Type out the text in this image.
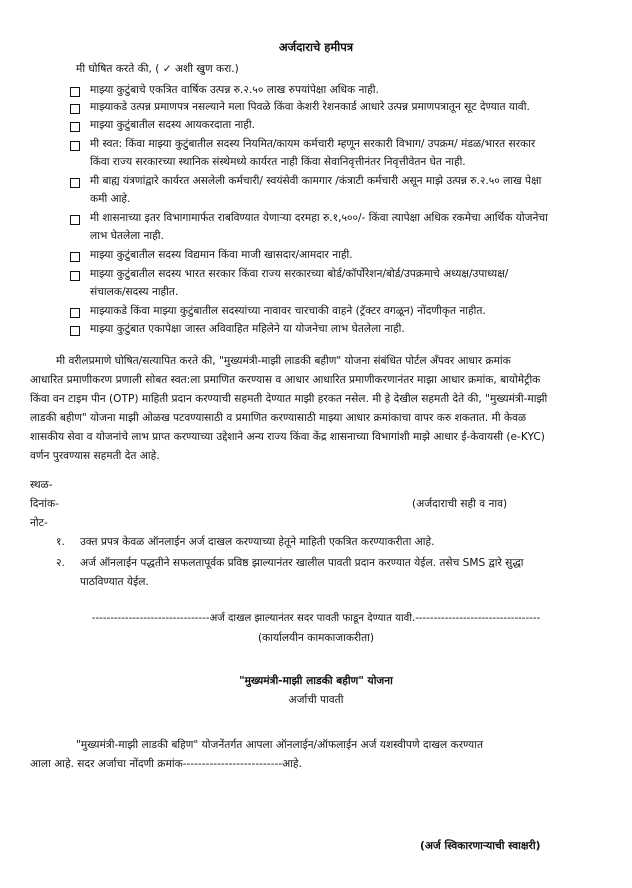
अर्जदाराचे हमीपत्र
मी घोषित करते की, ( ✓ अशी खुण करा.)
माझ्या कुटुंबाचे एकत्रित वार्षिक उत्पन्न रु.२.५० लाख रुपयांपेक्षा अधिक नाही.
माझ्याकडे उत्पन्न प्रमाणपत्र नसल्याने मला पिवळे किंवा केशरी रेशनकार्ड आधारे उत्पन्न प्रमाणपत्रातून सूट देण्यात यावी.
माझ्या कुटुंबातील सदस्य आयकरदाता नाही.
मी स्वत: किंवा माझ्या कुटुंबातील सदस्य नियमित/कायम कर्मचारी म्हणून सरकारी विभाग/ उपक्रम/ मंडळ/भारत सरकार
किंवा राज्य सरकारच्या स्थानिक संस्थेमध्ये कार्यरत नाही किंवा सेवानिवृत्तीनंतर निवृत्तीवेतन घेत नाही.
मी बाह्य यंत्रणांद्वारे कार्यरत असलेली कर्मचारी/ स्वयंसेवी कामगार /कंत्राटी कर्मचारी असून माझे उत्पन्न रु.२.५० लाख पेक्षा
कमी आहे.
मी शासनाच्या इतर विभागामार्फत राबविण्यात येणाऱ्या दरमहा रु.१,५००/- किंवा त्यापेक्षा अधिक रकमेचा आर्थिक योजनेचा
लाभ घेतलेला नाही.
माझ्या कुटुंबातील सदस्य विद्यमान किंवा माजी खासदार/आमदार नाही.
माझ्या कुटुंबातील सदस्य भारत सरकार किंवा राज्य सरकारच्या बोर्ड/कॉर्पोरेशन/बोर्ड/उपक्रमाचे अध्यक्ष/उपाध्यक्ष/
संचालक/सदस्य नाहीत.
माझ्याकडे किंवा माझ्या कुटुंबातील सदस्यांच्या नावावर चारचाकी वाहने (ट्रॅक्टर वगळून) नोंदणीकृत नाहीत.
माझ्या कुटुंबात एकापेक्षा जास्त अविवाहित महिलेने या योजनेचा लाभ घेतलेला नाही.
मी वरीलप्रमाणे घोषित/सत्यापित करते की, "मुख्यमंत्री-माझी लाडकी बहीण" योजना संबंधित पोर्टल अँपवर आधार क्रमांक
आधारित प्रमाणीकरण प्रणाली सोबत स्वत:ला प्रमाणित करण्यास व आधार आधारित प्रमाणीकरणानंतर माझा आधार क्रमांक, बायोमेट्रीक
किंवा वन टाइम पीन (OTP) माहिती प्रदान करण्याची सहमती देण्यात माझी हरकत नसेल. मी हे देखील सहमती देते की, "मुख्यमंत्री-माझी
लाडकी बहीण" योजना माझी ओळख पटवण्यासाठी व प्रमाणित करण्यासाठी माझ्या आधार क्रमांकाचा वापर करु शकतात. मी केवळ
शासकीय सेवा व योजनांचे लाभ प्राप्त करण्याच्या उद्देशाने अन्य राज्य किंवा केंद्र शासनाच्या विभागांशी माझे आधार ई-केवायसी (e-KYC)
वर्णन पुरवण्यास सहमती देत आहे.
स्थळ-
दिनांक-	(अर्जदाराची सही व नाव)
नोट-
१. उक्त प्रपत्र केवळ ऑनलाईन अर्ज दाखल करण्याच्या हेतूने माहिती एकत्रित करण्याकरीता आहे.
२. अर्ज ऑनलाईन पद्धतीने सफलतापूर्वक प्रविष्ठ झाल्यानंतर खालील पावती प्रदान करण्यात येईल. तसेच SMS द्वारे सुद्धा
पाठविण्यात येईल.
--------------------------------अर्ज दाखल झाल्यानंतर सदर पावती फाडून देण्यात यावी.----------------------------------
(कार्यालयीन कामकाजाकरीता)
"मुख्यमंत्री-माझी लाडकी बहीण" योजना
अर्जाची पावती
"मुख्यमंत्री-माझी लाडकी बहिण" योजनेंतर्गत आपला ऑनलाईन/ऑफलाईन अर्ज यशस्वीपणे दाखल करण्यात
आला आहे. सदर अर्जाचा नोंदणी क्रमांक--------------------------आहे.
(अर्ज स्विकारणाऱ्याची स्वाक्षरी)
